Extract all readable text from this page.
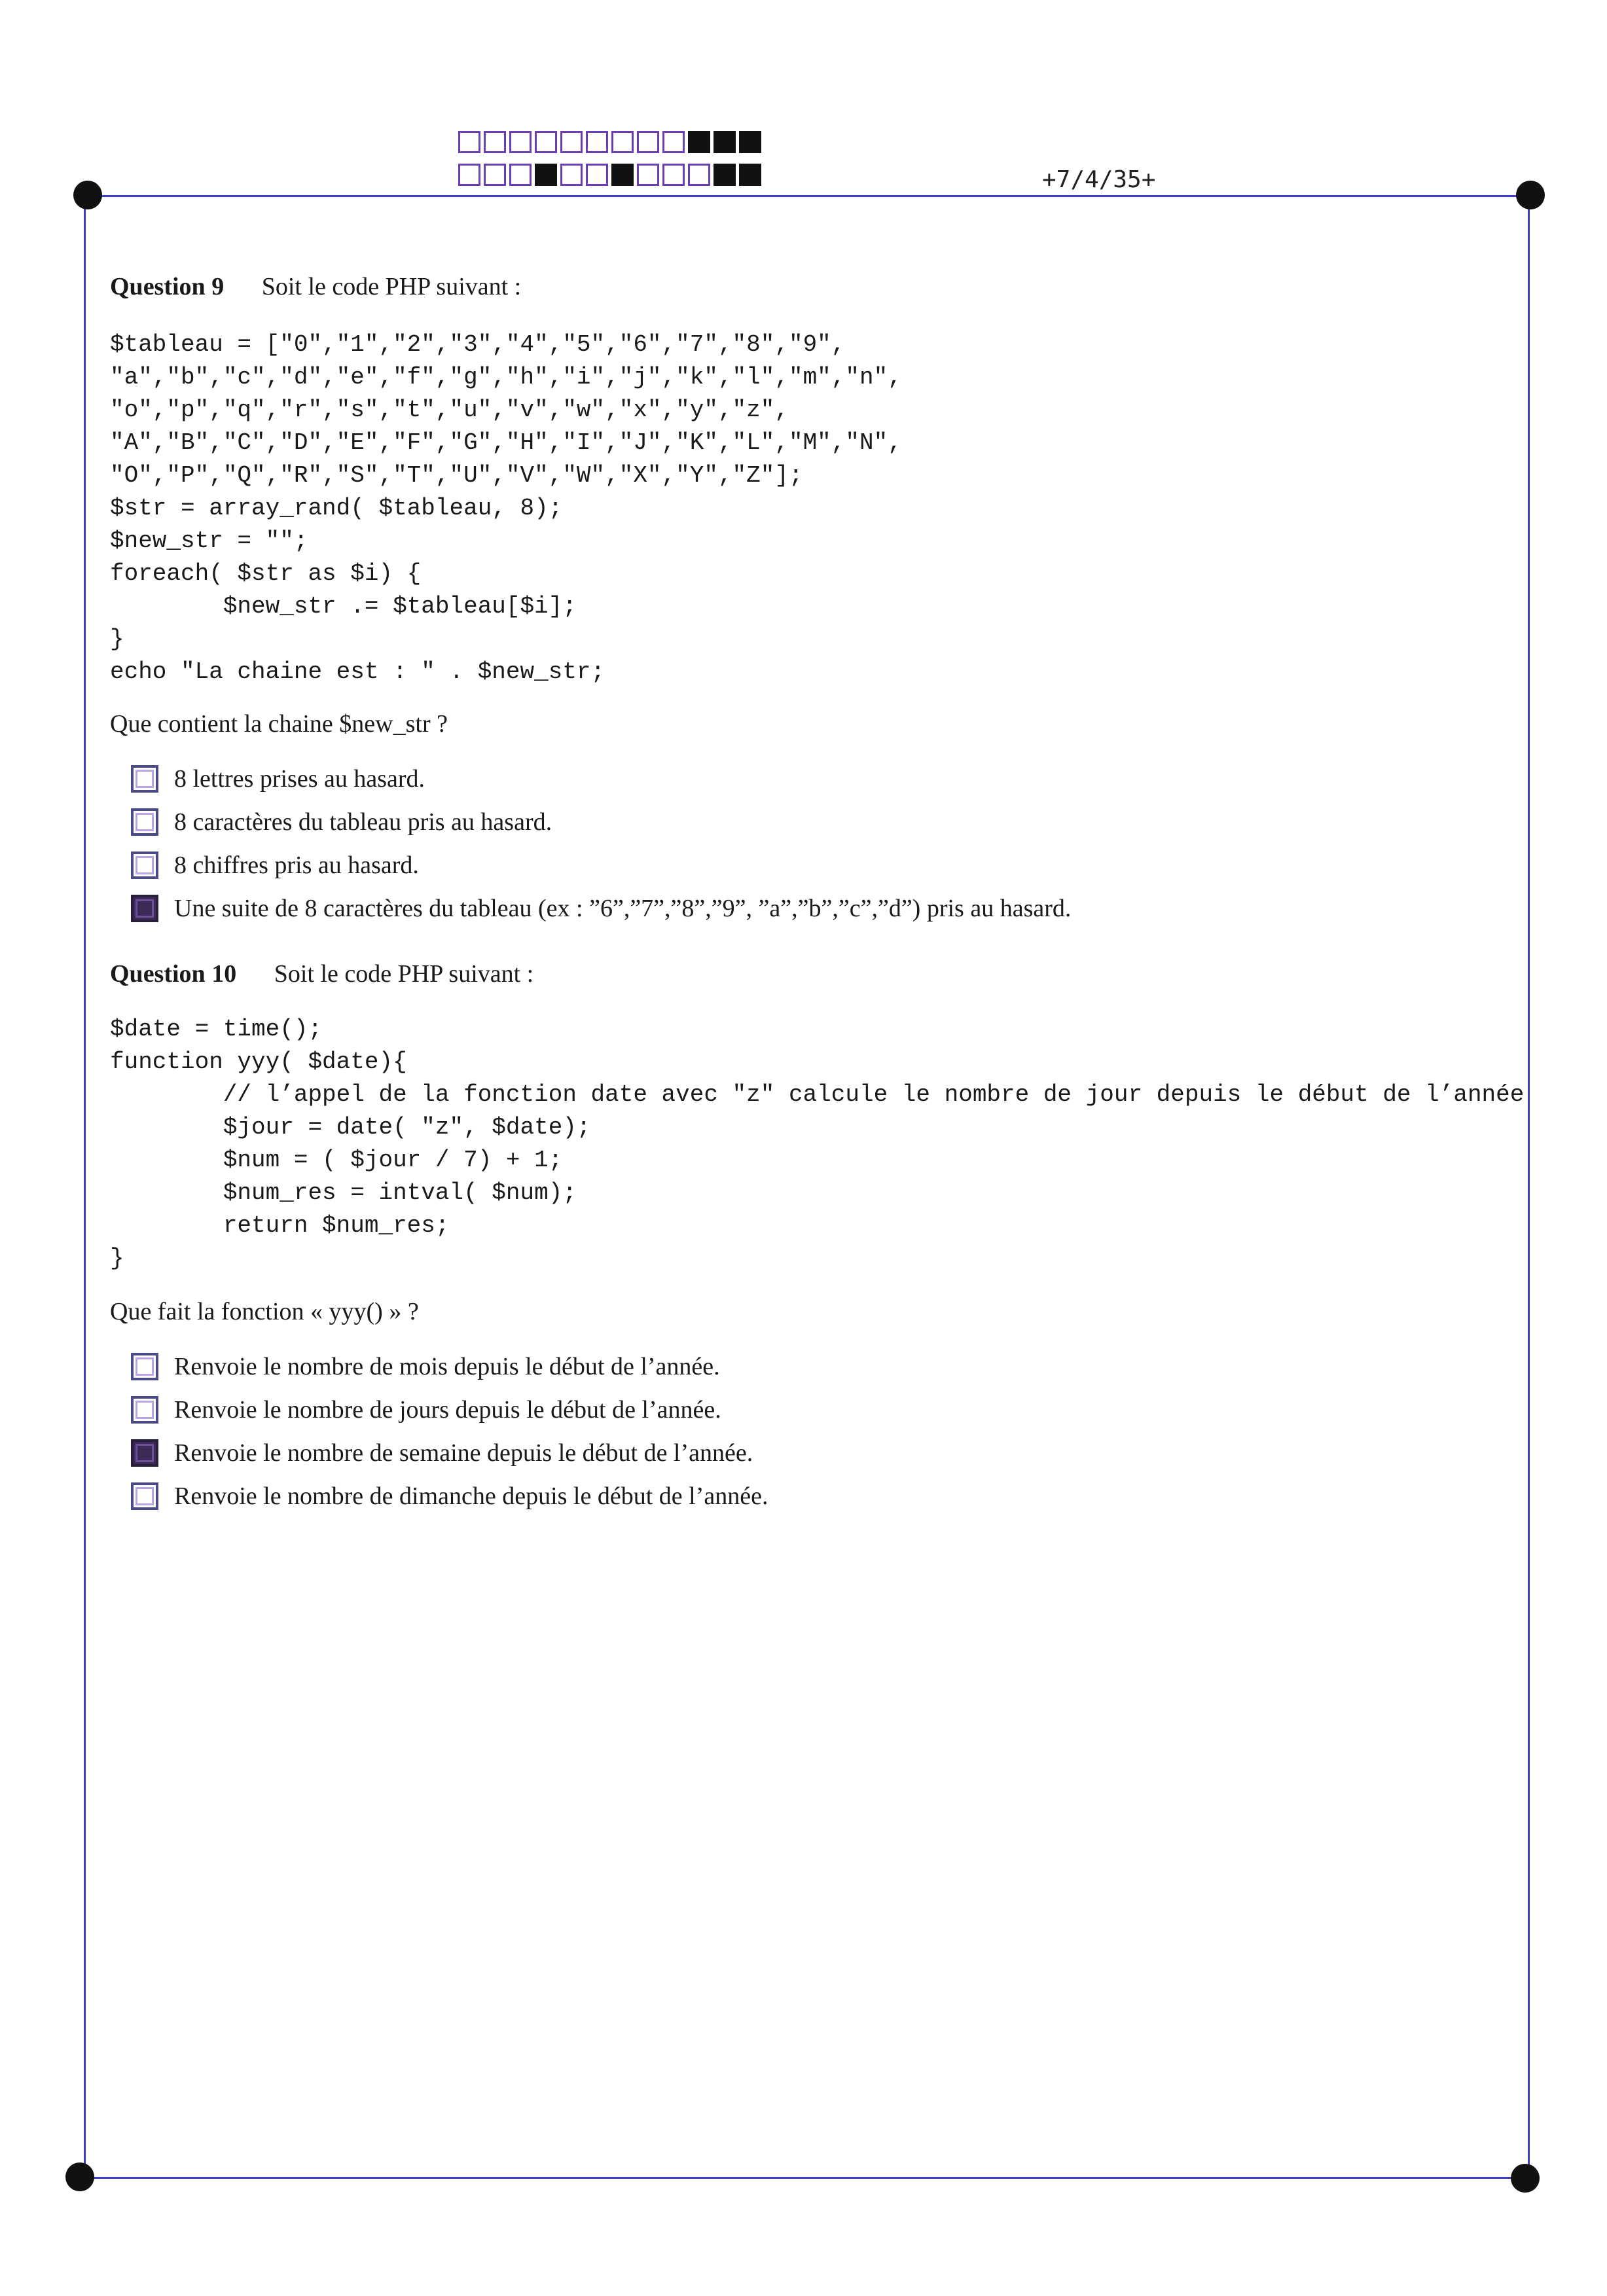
+7/4/35+
Question 9 Soit le code PHP suivant :
$tableau = ["0","1","2","3","4","5","6","7","8","9",
"a","b","c","d","e","f","g","h","i","j","k","l","m","n",
"o","p","q","r","s","t","u","v","w","x","y","z",
"A","B","C","D","E","F","G","H","I","J","K","L","M","N",
"O","P","Q","R","S","T","U","V","W","X","Y","Z"];
$str = array_rand( $tableau, 8);
$new_str = "";
foreach( $str as $i) {
$new_str .= $tableau[$i];
}
echo "La chaine est : " . $new_str;
Que contient la chaine $new_str ?
8 lettres prises au hasard.
8 caractères du tableau pris au hasard.
8 chiffres pris au hasard.
Une suite de 8 caractères du tableau (ex : ”6”,”7”,”8”,”9”, ”a”,”b”,”c”,”d”) pris au hasard.
Question 10 Soit le code PHP suivant :
$date = time();
function yyy( $date){
// l’appel de la fonction date avec "z" calcule le nombre de jour depuis le début de l’année
$jour = date( "z", $date);
$num = ( $jour / 7) + 1;
$num_res = intval( $num);
return $num_res;
}
Que fait la fonction « yyy() » ?
Renvoie le nombre de mois depuis le début de l’année.
Renvoie le nombre de jours depuis le début de l’année.
Renvoie le nombre de semaine depuis le début de l’année.
Renvoie le nombre de dimanche depuis le début de l’année.
